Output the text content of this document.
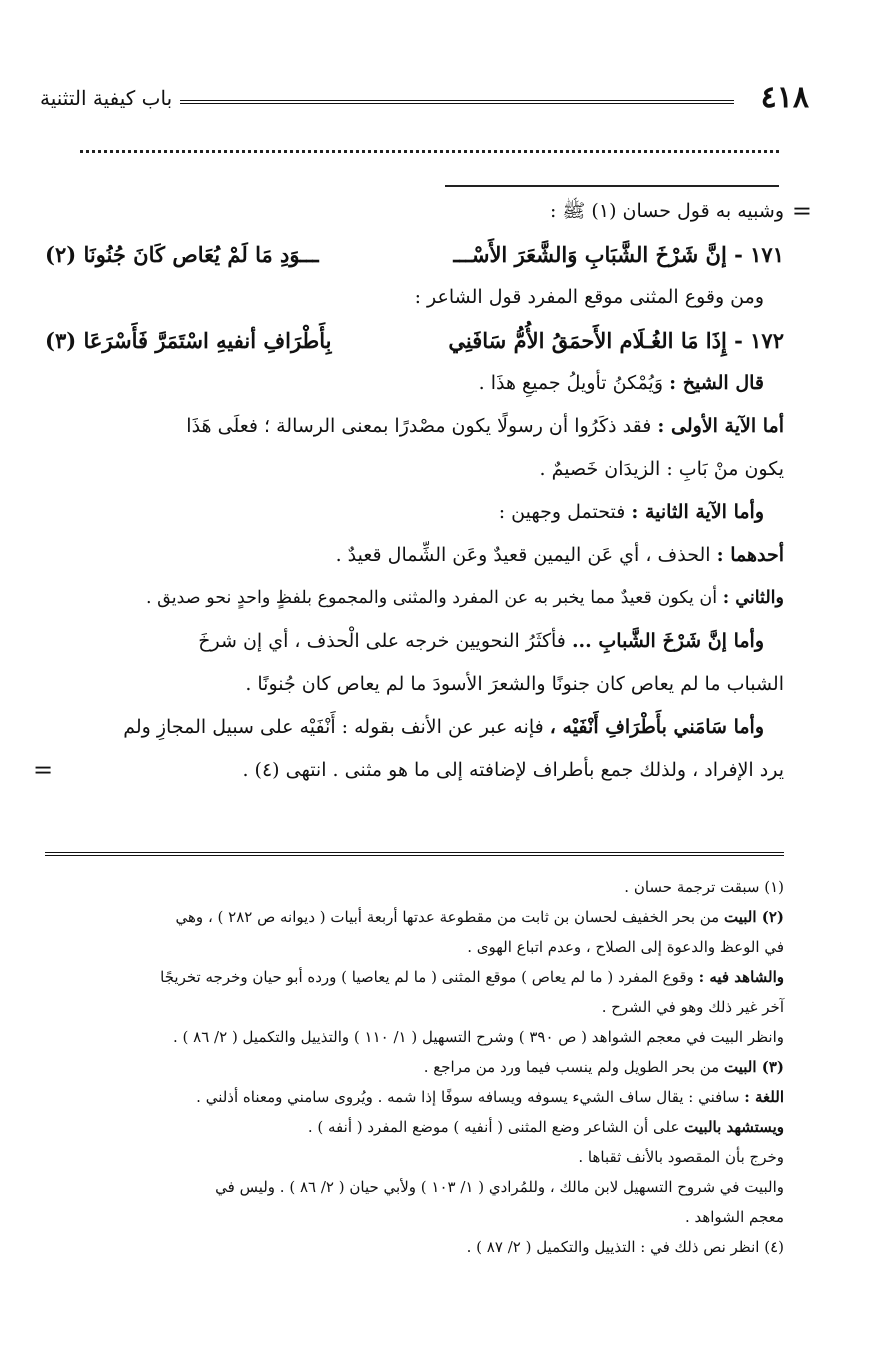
٤١٨
باب كيفية التثنية
=
وشبيه به قول حسان (١) ﷺ :
١٧١ - إنَّ شَرْخَ الشَّبَابِ وَالشَّعَرَ الأَسْـــ
ـــوَدِ مَا لَمْ يُعَاص كَانَ جُنُونَا (٢)
ومن وقوع المثنى موقع المفرد قول الشاعر :
١٧٢ - إِذَا مَا الغُـلَام الأَحمَقُ الأُمُّ سَافَنِي
بِأَطْرَافِ أنفيهِ اسْتَمَرَّ فَأَسْرَعَا (٣)
قال الشيخ : وَيُمْكنُ تأويلُ جميعِ هذَا .
أما الآية الأولى : فقد ذكَرُوا أن رسولًا يكون مصْدرًا بمعنى الرسالة ؛ فعلَى هَذَا
يكون منْ بَابِ : الزيدَان خَصيمٌ .
وأما الآية الثانية : فتحتمل وجهين :
أحدهما : الحذف ، أي عَن اليمين قعيدٌ وعَن الشِّمال قعيدٌ .
والثاني : أن يكون قعيدٌ مما يخبر به عن المفرد والمثنى والمجموع بلفظٍ واحدٍ نحو صديق .
وأما إنَّ شَرْخَ الشَّبابِ ... فأكثَرُ النحويين خرجه على الْحذف ، أي إن شرخَ
الشباب ما لم يعاص كان جنونًا والشعرَ الأسودَ ما لم يعاص كان جُنونًا .
وأما سَامَني بأَطْرَافِ أَنْفَيْه ، فإنه عبر عن الأنف بقوله : أَنْفَيْه على سبيل المجازِ ولم
يرد الإفراد ، ولذلك جمع بأطراف لإضافته إلى ما هو مثنى . انتهى (٤) .
=
(١) سبقت ترجمة حسان .
(٢) البيت من بحر الخفيف لحسان بن ثابت من مقطوعة عدتها أربعة أبيات ( ديوانه ص ٢٨٢ ) ، وهي
في الوعظ والدعوة إلى الصلاح ، وعدم اتباع الهوى .
والشاهد فيه : وقوع المفرد ( ما لم يعاص ) موقع المثنى ( ما لم يعاصيا ) ورده أبو حيان وخرجه تخريجًا
آخر غير ذلك وهو في الشرح .
وانظر البيت في معجم الشواهد ( ص ٣٩٠ ) وشرح التسهيل ( ١/ ١١٠ ) والتذييل والتكميل ( ٢/ ٨٦ ) .
(٣) البيت من بحر الطويل ولم ينسب فيما ورد من مراجع .
اللغة : سافني : يقال ساف الشيء يسوفه ويسافه سوفًا إذا شمه . ويُروى سامني ومعناه أذلني .
ويستشهد بالبيت على أن الشاعر وضع المثنى ( أنفيه ) موضع المفرد ( أنفه ) .
وخرج بأن المقصود بالأنف ثقباها .
والبيت في شروح التسهيل لابن مالك ، وللمُرادي ( ١/ ١٠٣ ) ولأبي حيان ( ٢/ ٨٦ ) . وليس في
معجم الشواهد .
(٤) انظر نص ذلك في : التذييل والتكميل ( ٢/ ٨٧ ) .
